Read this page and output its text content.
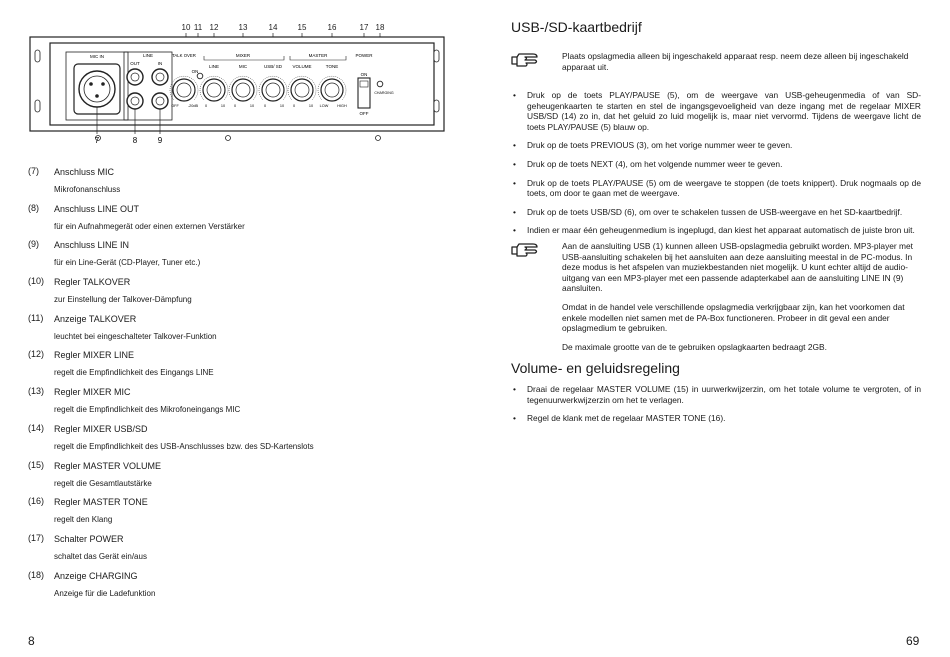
10 11 12	13	14	15	16	17 18
MIC IN	LINE
OUT	IN
TALK OVER	MIXER	MASTER	POWER
LINE	MIC	USB/ SD VOLUME	TONE
ON
OFF -20dB 0	10 0	10	0	10 0	10 LOW HIGH
ON
OFF
CHARGING
7	8	9
(7)	Anschluss MIC
Mikrofonanschluss
(8)	Anschluss LINE OUT
für ein Aufnahmegerät oder einen externen Verstärker
(9)	Anschluss LINE IN
für ein Line-Gerät (CD-Player, Tuner etc.)
(10)	Regler TALKOVER
zur Einstellung der Talkover-Dämpfung
(11)	Anzeige TALKOVER
leuchtet bei eingeschalteter Talkover-Funktion
(12)	Regler MIXER LINE
regelt die Empfindlichkeit des Eingangs LINE
(13)	Regler MIXER MIC
regelt die Empfindlichkeit des Mikrofoneingangs MIC
(14)	Regler MIXER USB/SD
regelt die Empfindlichkeit des USB-Anschlusses bzw. des SD-Kartenslots
(15)	Regler MASTER VOLUME
regelt die Gesamtlautstärke
(16)	Regler MASTER TONE
regelt den Klang
(17)	Schalter POWER
schaltet das Gerät ein/aus
(18)	Anzeige CHARGING
Anzeige für die Ladefunktion
8
USB-/SD-kaartbedrijf

Plaats opslagmedia alleen bij ingeschakeld apparaat resp. neem deze alleen bij ingeschakeld apparaat uit.

• Druk op de toets PLAY/PAUSE (5), om de weergave van USB-geheugenmedia of van SD-geheugenkaarten te starten en stel de ingangsgevoeligheid van deze ingang met de regelaar MIXER USB/SD (14) zo in, dat het geluid zo luid mogelijk is, maar niet vervormd. Tijdens de weergave licht de toets PLAY/PAUSE (5) blauw op.
• Druk op de toets PREVIOUS (3), om het vorige nummer weer te geven.
• Druk op de toets NEXT (4), om het volgende nummer weer te geven.
• Druk op de toets PLAY/PAUSE (5) om de weergave te stoppen (de toets knippert). Druk nogmaals op de toets, om door te gaan met de weergave.
• Druk op de toets USB/SD (6), om over te schakelen tussen de USB-weergave en het SD-kaartbedrijf.
• Indien er maar één geheugenmedium is ingeplugd, dan kiest het apparaat automatisch de juiste bron uit.

Aan de aansluiting USB (1) kunnen alleen USB-opslagmedia gebruikt worden. MP3-player met USB-aansluiting schakelen bij het aansluiten aan deze aansluiting meestal in de PC-modus. In deze modus is het afspelen van muziekbestanden niet mogelijk. U kunt echter altijd de audio-uitgang van een MP3-player met een passende adapterkabel aan de aansluiting LINE IN (9) aansluiten.

Omdat in de handel vele verschillende opslagmedia verkrijgbaar zijn, kan het voorkomen dat enkele modellen niet samen met de PA-Box functioneren. Probeer in dit geval een ander opslagmedium te gebruiken.

De maximale grootte van de te gebruiken opslagkaarten bedraagt 2GB.

Volume- en geluidsregeling
• Draai de regelaar MASTER VOLUME (15) in uurwerkwijzerzin, om het totale volume te vergroten, of in tegenuurwerkwijzerzin om het te verlagen.
• Regel de klank met de regelaar MASTER TONE (16).
69
